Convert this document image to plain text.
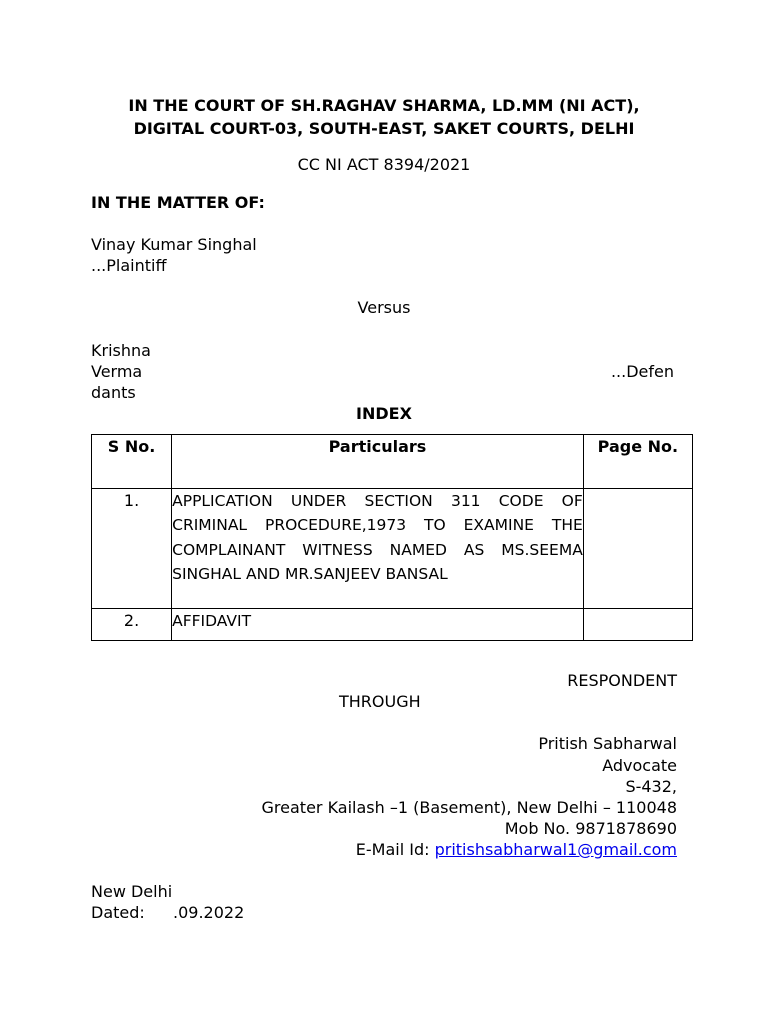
IN THE COURT OF SH.RAGHAV SHARMA, LD.MM (NI ACT),
DIGITAL COURT-03, SOUTH-EAST, SAKET COURTS, DELHI
CC NI ACT 8394/2021
IN THE MATTER OF:
Vinay Kumar Singhal
...Plaintiff
Versus
Krishna
Verma	...Defen
dants
INDEX
S No.	Particulars	Page No.
1.	APPLICATION UNDER SECTION 311 CODE OF CRIMINAL PROCEDURE,1973 TO EXAMINE THE COMPLAINANT WITNESS NAMED AS MS.SEEMA SINGHAL AND MR.SANJEEV BANSAL	
2.	AFFIDAVIT	
RESPONDENT
THROUGH
Pritish Sabharwal
Advocate
S-432,
Greater Kailash –1 (Basement), New Delhi – 110048
Mob No. 9871878690
E-Mail Id: pritishsabharwal1@gmail.com
New Delhi
Dated: .09.2022
